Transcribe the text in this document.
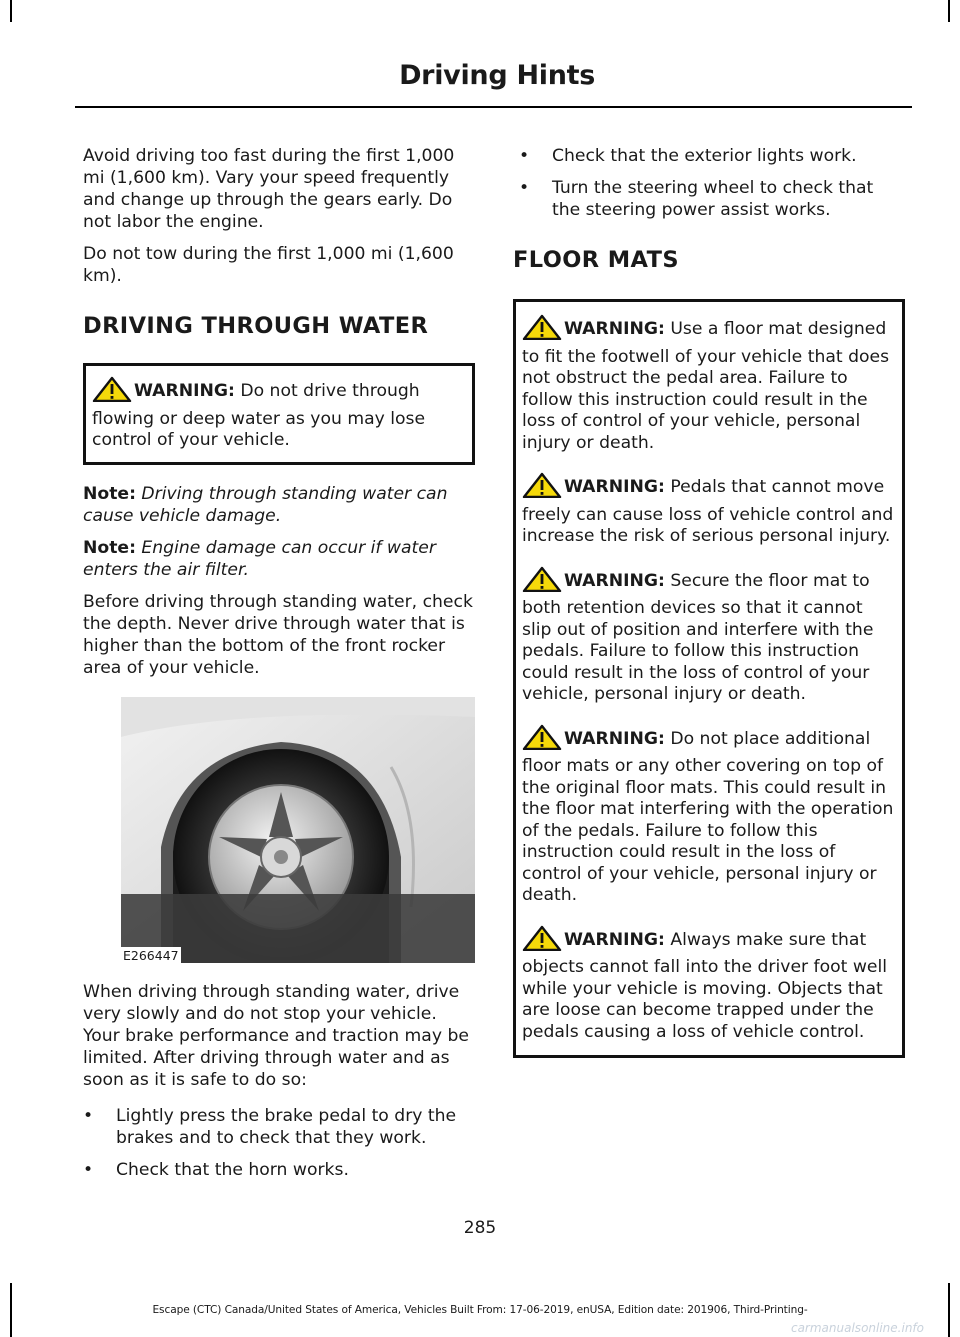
Driving Hints

Avoid driving too fast during the first 1,000 mi (1,600 km). Vary your speed frequently and change up through the gears early. Do not labor the engine.

Do not tow during the first 1,000 mi (1,600 km).

DRIVING THROUGH WATER

WARNING: Do not drive through flowing or deep water as you may lose control of your vehicle.

Note: Driving through standing water can cause vehicle damage.

Note: Engine damage can occur if water enters the air filter.

Before driving through standing water, check the depth. Never drive through water that is higher than the bottom of the front rocker area of your vehicle.

E266447

When driving through standing water, drive very slowly and do not stop your vehicle. Your brake performance and traction may be limited. After driving through water and as soon as it is safe to do so:

• Lightly press the brake pedal to dry the brakes and to check that they work.
• Check that the horn works.
• Check that the exterior lights work.
• Turn the steering wheel to check that the steering power assist works.
FLOOR MATS

WARNING: Use a floor mat designed to fit the footwell of your vehicle that does not obstruct the pedal area. Failure to follow this instruction could result in the loss of control of your vehicle, personal injury or death.

WARNING: Pedals that cannot move freely can cause loss of vehicle control and increase the risk of serious personal injury.

WARNING: Secure the floor mat to both retention devices so that it cannot slip out of position and interfere with the pedals. Failure to follow this instruction could result in the loss of control of your vehicle, personal injury or death.

WARNING: Do not place additional floor mats or any other covering on top of the original floor mats. This could result in the floor mat interfering with the operation of the pedals. Failure to follow this instruction could result in the loss of control of your vehicle, personal injury or death.

WARNING: Always make sure that objects cannot fall into the driver foot well while your vehicle is moving. Objects that are loose can become trapped under the pedals causing a loss of vehicle control.

285
Escape (CTC) Canada/United States of America, Vehicles Built From: 17-06-2019, enUSA, Edition date: 201906, Third-Printing-
carmanualsonline.info
